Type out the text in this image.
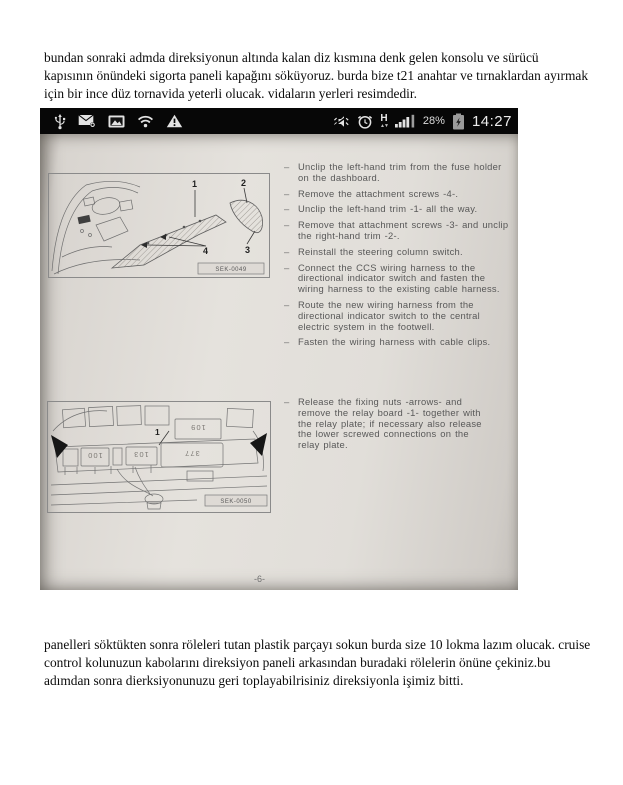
bundan sonraki admda direksiyonun altında kalan diz kısmına denk gelen konsolu ve sürücü kapısının önündeki sigorta paneli kapağını söküyoruz. burda bize t21 anahtar ve tırnaklardan ayırmak için bir ince düz tornavida yeterli olucak. vidaların yerleri resimdedir.

H
▲▼	28% 14:27
1	2
3
4
SEK-0049
– Unclip the left-hand trim from the fuse holder on the dashboard.
– Remove the attachment screws -4-.
– Unclip the left-hand trim -1- all the way.
– Remove that attachment screws -3- and unclip the right-hand trim -2-.
– Reinstall the steering column switch.
– Connect the CCS wiring harness to the directional indicator switch and fasten the wiring harness to the existing cable harness.
– Route the new wiring harness from the directional indicator switch to the central electric system in the footwell.
– Fasten the wiring harness with cable clips.
1	109
100	103	377
SEK-0050
– Release the fixing nuts -arrows- and remove the relay board -1- together with the relay plate; if necessary also release the lower screwed connections on the relay plate.
-6-

panelleri söktükten sonra röleleri tutan plastik parçayı sokun burda size 10 lokma lazım olucak. cruise control kolunuzun kabolarını direksiyon paneli arkasından buradaki rölelerin önüne çekiniz.bu adımdan sonra dierksiyonunuzu geri toplayabilrisiniz direksiyonla işimiz bitti.
